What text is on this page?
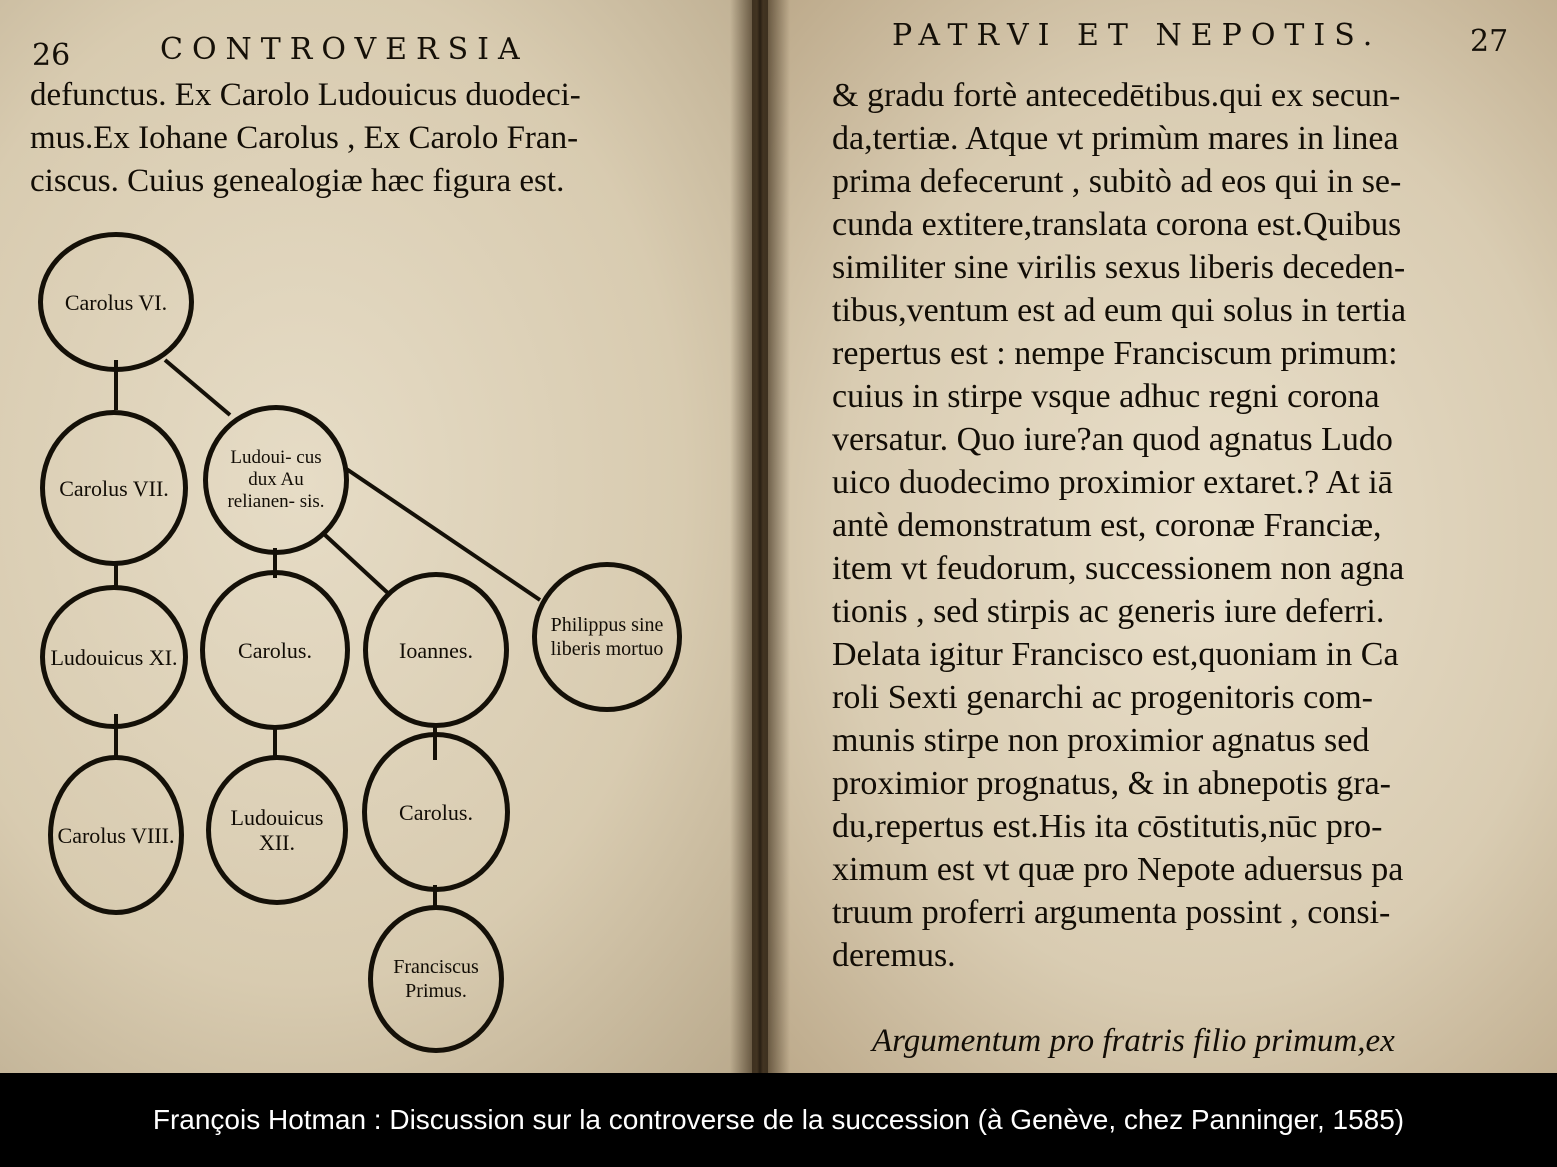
26	CONTROVERSIA
defunctus. Ex Carolo Ludouicus duodeci-
mus.Ex Iohane Carolus , Ex Carolo Fran-
ciscus. Cuius genealogiæ hæc figura est.
Carolus VI.
Carolus VII.
Ludoui- cus dux Au relianen- sis.
Ludouicus XI.	Carolus.	Ioannes.
Philippus sine liberis mortuo
Carolus VIII.
Ludouicus XII.
Carolus.
Franciscus Primus.
PATRVI ET NEPOTIS.	27
& gradu fortè antecedētibus.qui ex secun-
da,tertiæ. Atque vt primùm mares in linea
prima defecerunt , subitò ad eos qui in se-
cunda extitere,translata corona est.Quibus
similiter sine virilis sexus liberis deceden-
tibus,ventum est ad eum qui solus in tertia
repertus est : nempe Franciscum primum:
cuius in stirpe vsque adhuc regni corona
versatur. Quo iure?an quod agnatus Ludo
uico duodecimo proximior extaret.? At iā
antè demonstratum est, coronæ Franciæ,
item vt feudorum, successionem non agna
tionis , sed stirpis ac generis iure deferri.
Delata igitur Francisco est,quoniam in Ca
roli Sexti genarchi ac progenitoris com-
munis stirpe non proximior agnatus sed
proximior prognatus, & in abnepotis gra-
du,repertus est.His ita cōstitutis,nūc pro-
ximum est vt quæ pro Nepote aduersus pa
truum proferri argumenta possint , consi-
deremus.
Argumentum pro fratris filio primum,ex
François Hotman : Discussion sur la controverse de la succession (à Genève, chez Panninger, 1585)
